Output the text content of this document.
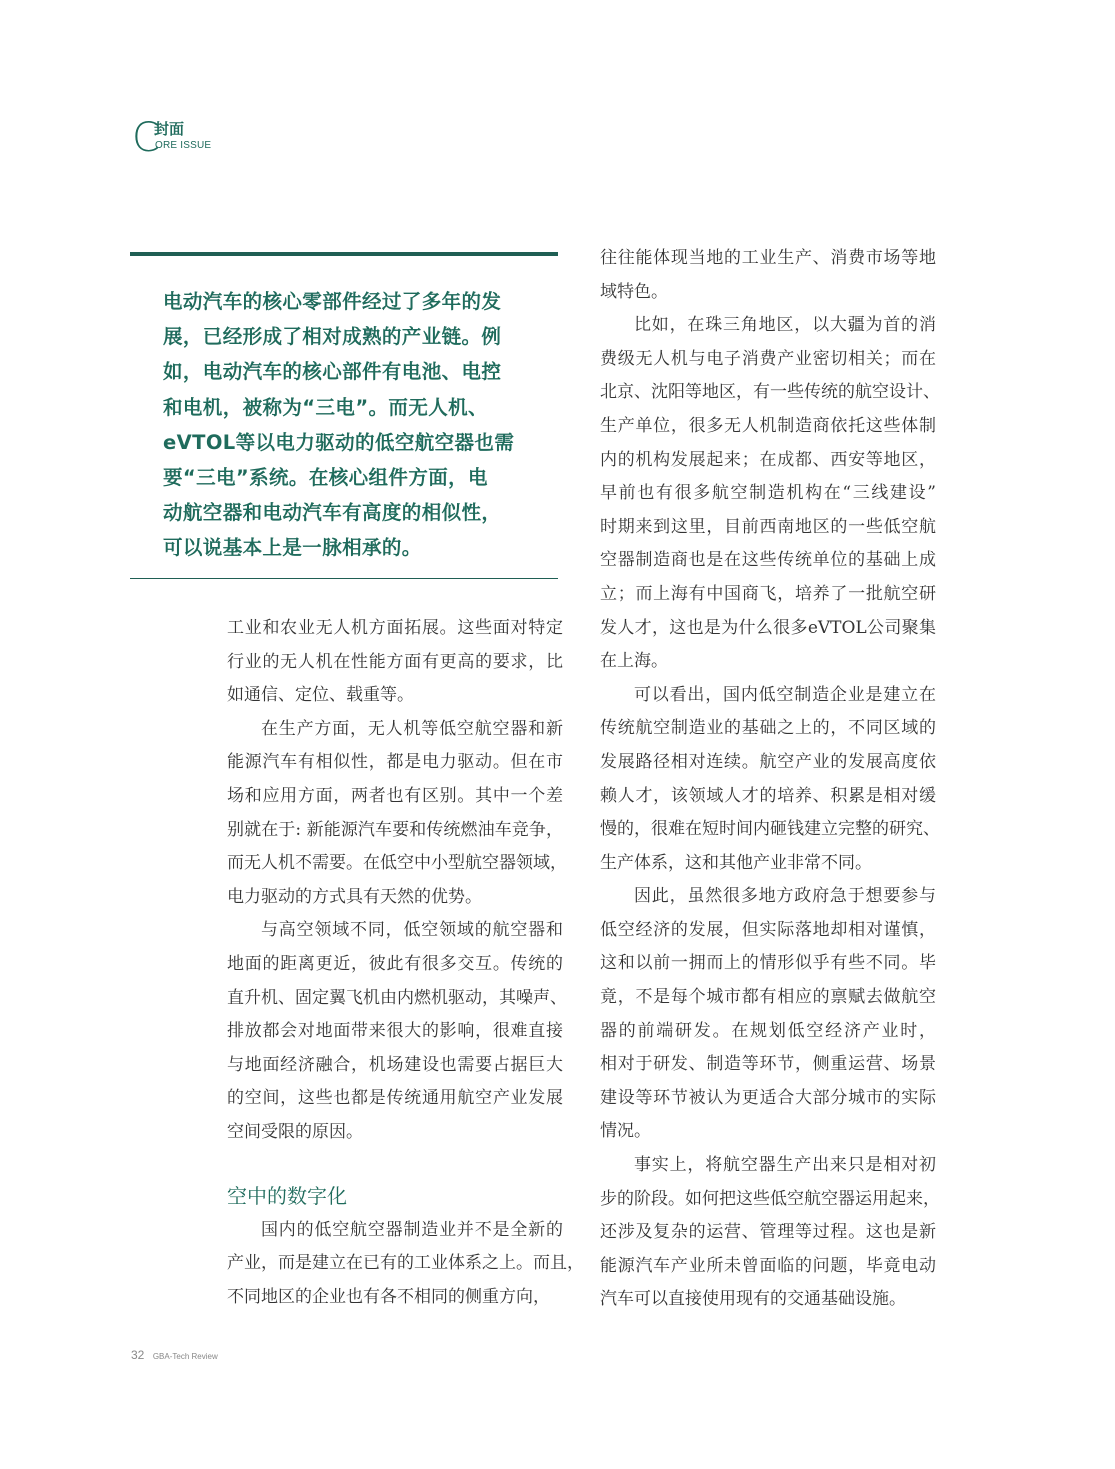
C
封面
ORE ISSUE
电动汽车的核心零部件经过了多年的发
展，已经形成了相对成熟的产业链。例
如，电动汽车的核心部件有电池、电控
和电机，被称为“三电”。而无人机、
eVTOL等以电力驱动的低空航空器也需
要“三电”系统。在核心组件方面，电
动航空器和电动汽车有高度的相似性，
可以说基本上是一脉相承的。
工业和农业无人机方面拓展。这些面对特定
行业的无人机在性能方面有更高的要求，比
如通信、定位、载重等。
在生产方面，无人机等低空航空器和新
能源汽车有相似性，都是电力驱动。但在市
场和应用方面，两者也有区别。其中一个差
别就在于: 新能源汽车要和传统燃油车竞争，
而无人机不需要。在低空中小型航空器领域，
电力驱动的方式具有天然的优势。
与高空领域不同，低空领域的航空器和
地面的距离更近，彼此有很多交互。传统的
直升机、固定翼飞机由内燃机驱动，其噪声、
排放都会对地面带来很大的影响，很难直接
与地面经济融合，机场建设也需要占据巨大
的空间，这些也都是传统通用航空产业发展
空间受限的原因。
空中的数字化
国内的低空航空器制造业并不是全新的
产业，而是建立在已有的工业体系之上。而且，
不同地区的企业也有各不相同的侧重方向，
往往能体现当地的工业生产、消费市场等地
域特色。
比如，在珠三角地区，以大疆为首的消
费级无人机与电子消费产业密切相关；而在
北京、沈阳等地区，有一些传统的航空设计、
生产单位，很多无人机制造商依托这些体制
内的机构发展起来；在成都、西安等地区，
早前也有很多航空制造机构在“三线建设”
时期来到这里，目前西南地区的一些低空航
空器制造商也是在这些传统单位的基础上成
立；而上海有中国商飞，培养了一批航空研
发人才，这也是为什么很多eVTOL公司聚集
在上海。
可以看出，国内低空制造企业是建立在
传统航空制造业的基础之上的，不同区域的
发展路径相对连续。航空产业的发展高度依
赖人才，该领域人才的培养、积累是相对缓
慢的，很难在短时间内砸钱建立完整的研究、
生产体系，这和其他产业非常不同。
因此，虽然很多地方政府急于想要参与
低空经济的发展，但实际落地却相对谨慎，
这和以前一拥而上的情形似乎有些不同。毕
竟，不是每个城市都有相应的禀赋去做航空
器的前端研发。在规划低空经济产业时，
相对于研发、制造等环节，侧重运营、场景
建设等环节被认为更适合大部分城市的实际
情况。
事实上，将航空器生产出来只是相对初
步的阶段。如何把这些低空航空器运用起来，
还涉及复杂的运营、管理等过程。这也是新
能源汽车产业所未曾面临的问题，毕竟电动
汽车可以直接使用现有的交通基础设施。
32 GBA-Tech Review
